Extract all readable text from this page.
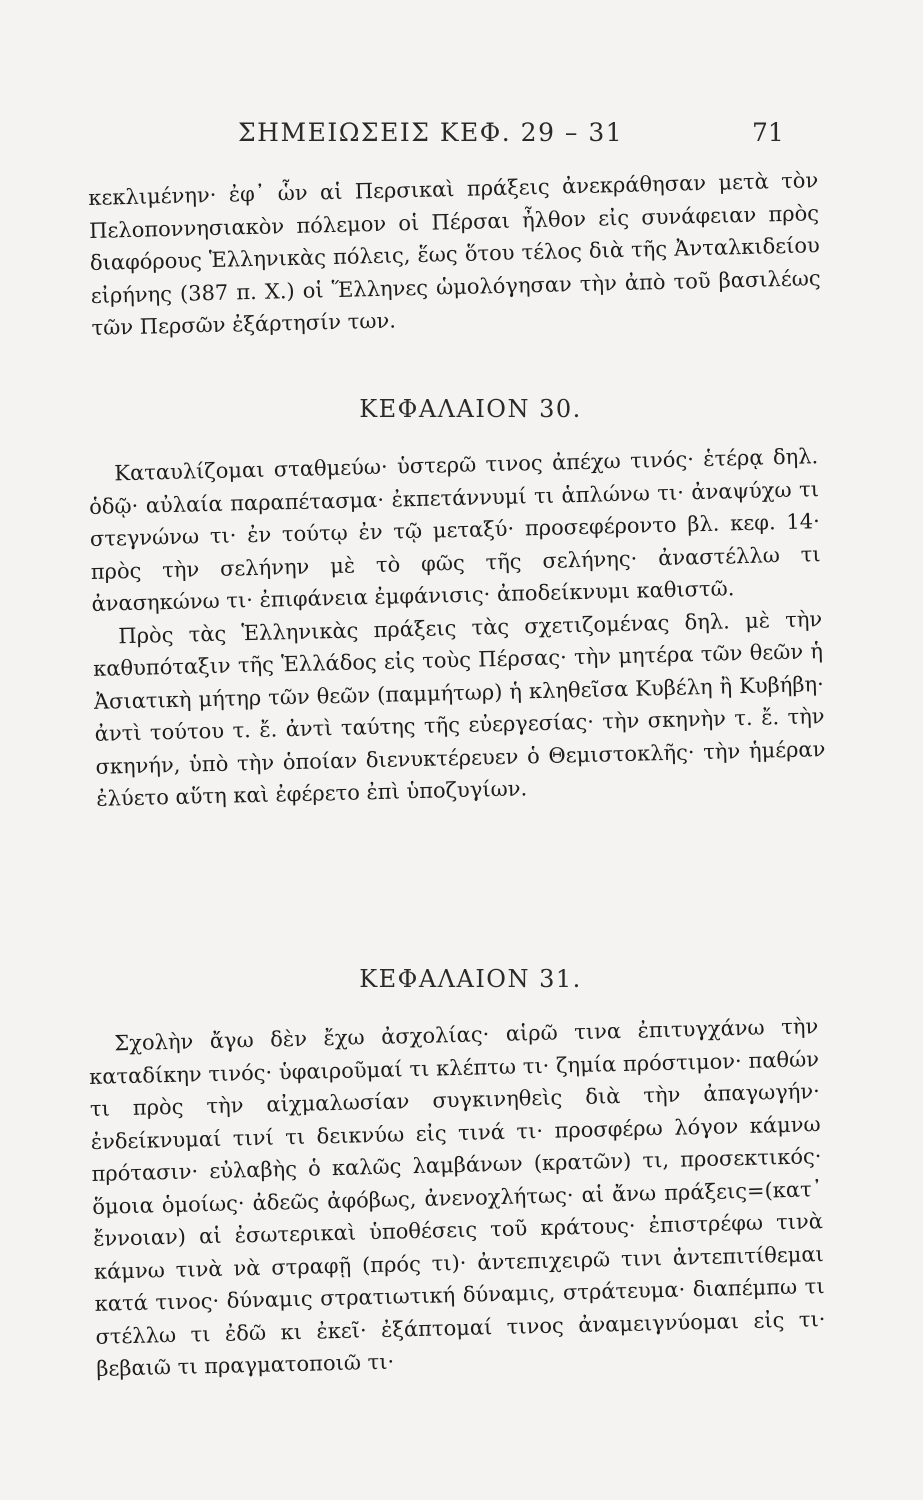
ΣΗΜΕΙΩΣΕΙΣ ΚΕΦ. 29 – 31	71

κεκλιμένην· ἐφ᾽ ὧν αἱ Περσικαὶ πράξεις ἀνεκράθησαν μετὰ τὸν Πελοποννησιακὸν πόλεμον οἱ Πέρσαι ἦλθον εἰς συνάφειαν πρὸς διαφόρους Ἑλληνικὰς πόλεις, ἕως ὅτου τέλος διὰ τῆς Ἀνταλκιδείου εἰρήνης (387 π. Χ.) οἱ Ἕλληνες ὡμολόγησαν τὴν ἀπὸ τοῦ βασιλέως τῶν Περσῶν ἐξάρτησίν των.

ΚΕΦΑΛΑΙΟΝ 30.

Καταυλίζομαι σταθμεύω· ὑστερῶ τινος ἀπέχω τινός· ἑτέρᾳ δηλ. ὁδῷ· αὐλαία παραπέτασμα· ἐκπετάννυμί τι ἁπλώνω τι· ἀναψύχω τι στεγνώνω τι· ἐν τούτῳ ἐν τῷ μεταξύ· προσεφέροντο βλ. κεφ. 14· πρὸς τὴν σελήνην μὲ τὸ φῶς τῆς σελήνης· ἀναστέλλω τι ἀνασηκώνω τι· ἐπιφάνεια ἐμφάνισις· ἀποδείκνυμι καθιστῶ.

Πρὸς τὰς Ἑλληνικὰς πράξεις τὰς σχετιζομένας δηλ. μὲ τὴν καθυπόταξιν τῆς Ἑλλάδος εἰς τοὺς Πέρσας· τὴν μητέρα τῶν θεῶν ἡ Ἀσιατικὴ μήτηρ τῶν θεῶν (παμμήτωρ) ἡ κληθεῖσα Κυβέλη ἢ Κυβήβη· ἀντὶ τούτου τ. ἔ. ἀντὶ ταύτης τῆς εὐεργεσίας· τὴν σκηνὴν τ. ἔ. τὴν σκηνήν, ὑπὸ τὴν ὁποίαν διενυκτέρευεν ὁ Θεμιστοκλῆς· τὴν ἡμέραν ἐλύετο αὕτη καὶ ἐφέρετο ἐπὶ ὑποζυγίων.

ΚΕΦΑΛΑΙΟΝ 31.

Σχολὴν ἄγω δὲν ἔχω ἀσχολίας· αἱρῶ τινα ἐπιτυγχάνω τὴν καταδίκην τινός· ὑφαιροῦμαί τι κλέπτω τι· ζημία πρόστιμον· παθών τι πρὸς τὴν αἰχμαλωσίαν συγκινηθεὶς διὰ τὴν ἀπαγωγήν· ἐνδείκνυμαί τινί τι δεικνύω εἰς τινά τι· προσφέρω λόγον κάμνω πρότασιν· εὐλαβὴς ὁ καλῶς λαμβάνων (κρατῶν) τι, προσεκτικός· ὅμοια ὁμοίως· ἀδεῶς ἀφόβως, ἀνενοχλήτως· αἱ ἄνω πράξεις=(κατ᾽ ἔννοιαν) αἱ ἐσωτερικαὶ ὑποθέσεις τοῦ κράτους· ἐπιστρέφω τινὰ κάμνω τινὰ νὰ στραφῇ (πρός τι)· ἀντεπιχειρῶ τινι ἀντεπιτίθεμαι κατά τινος· δύναμις στρατιωτική δύναμις, στράτευμα· διαπέμπω τι στέλλω τι ἐδῶ κι ἐκεῖ· ἐξάπτομαί τινος ἀναμειγνύομαι εἰς τι· βεβαιῶ τι πραγματοποιῶ τι·
